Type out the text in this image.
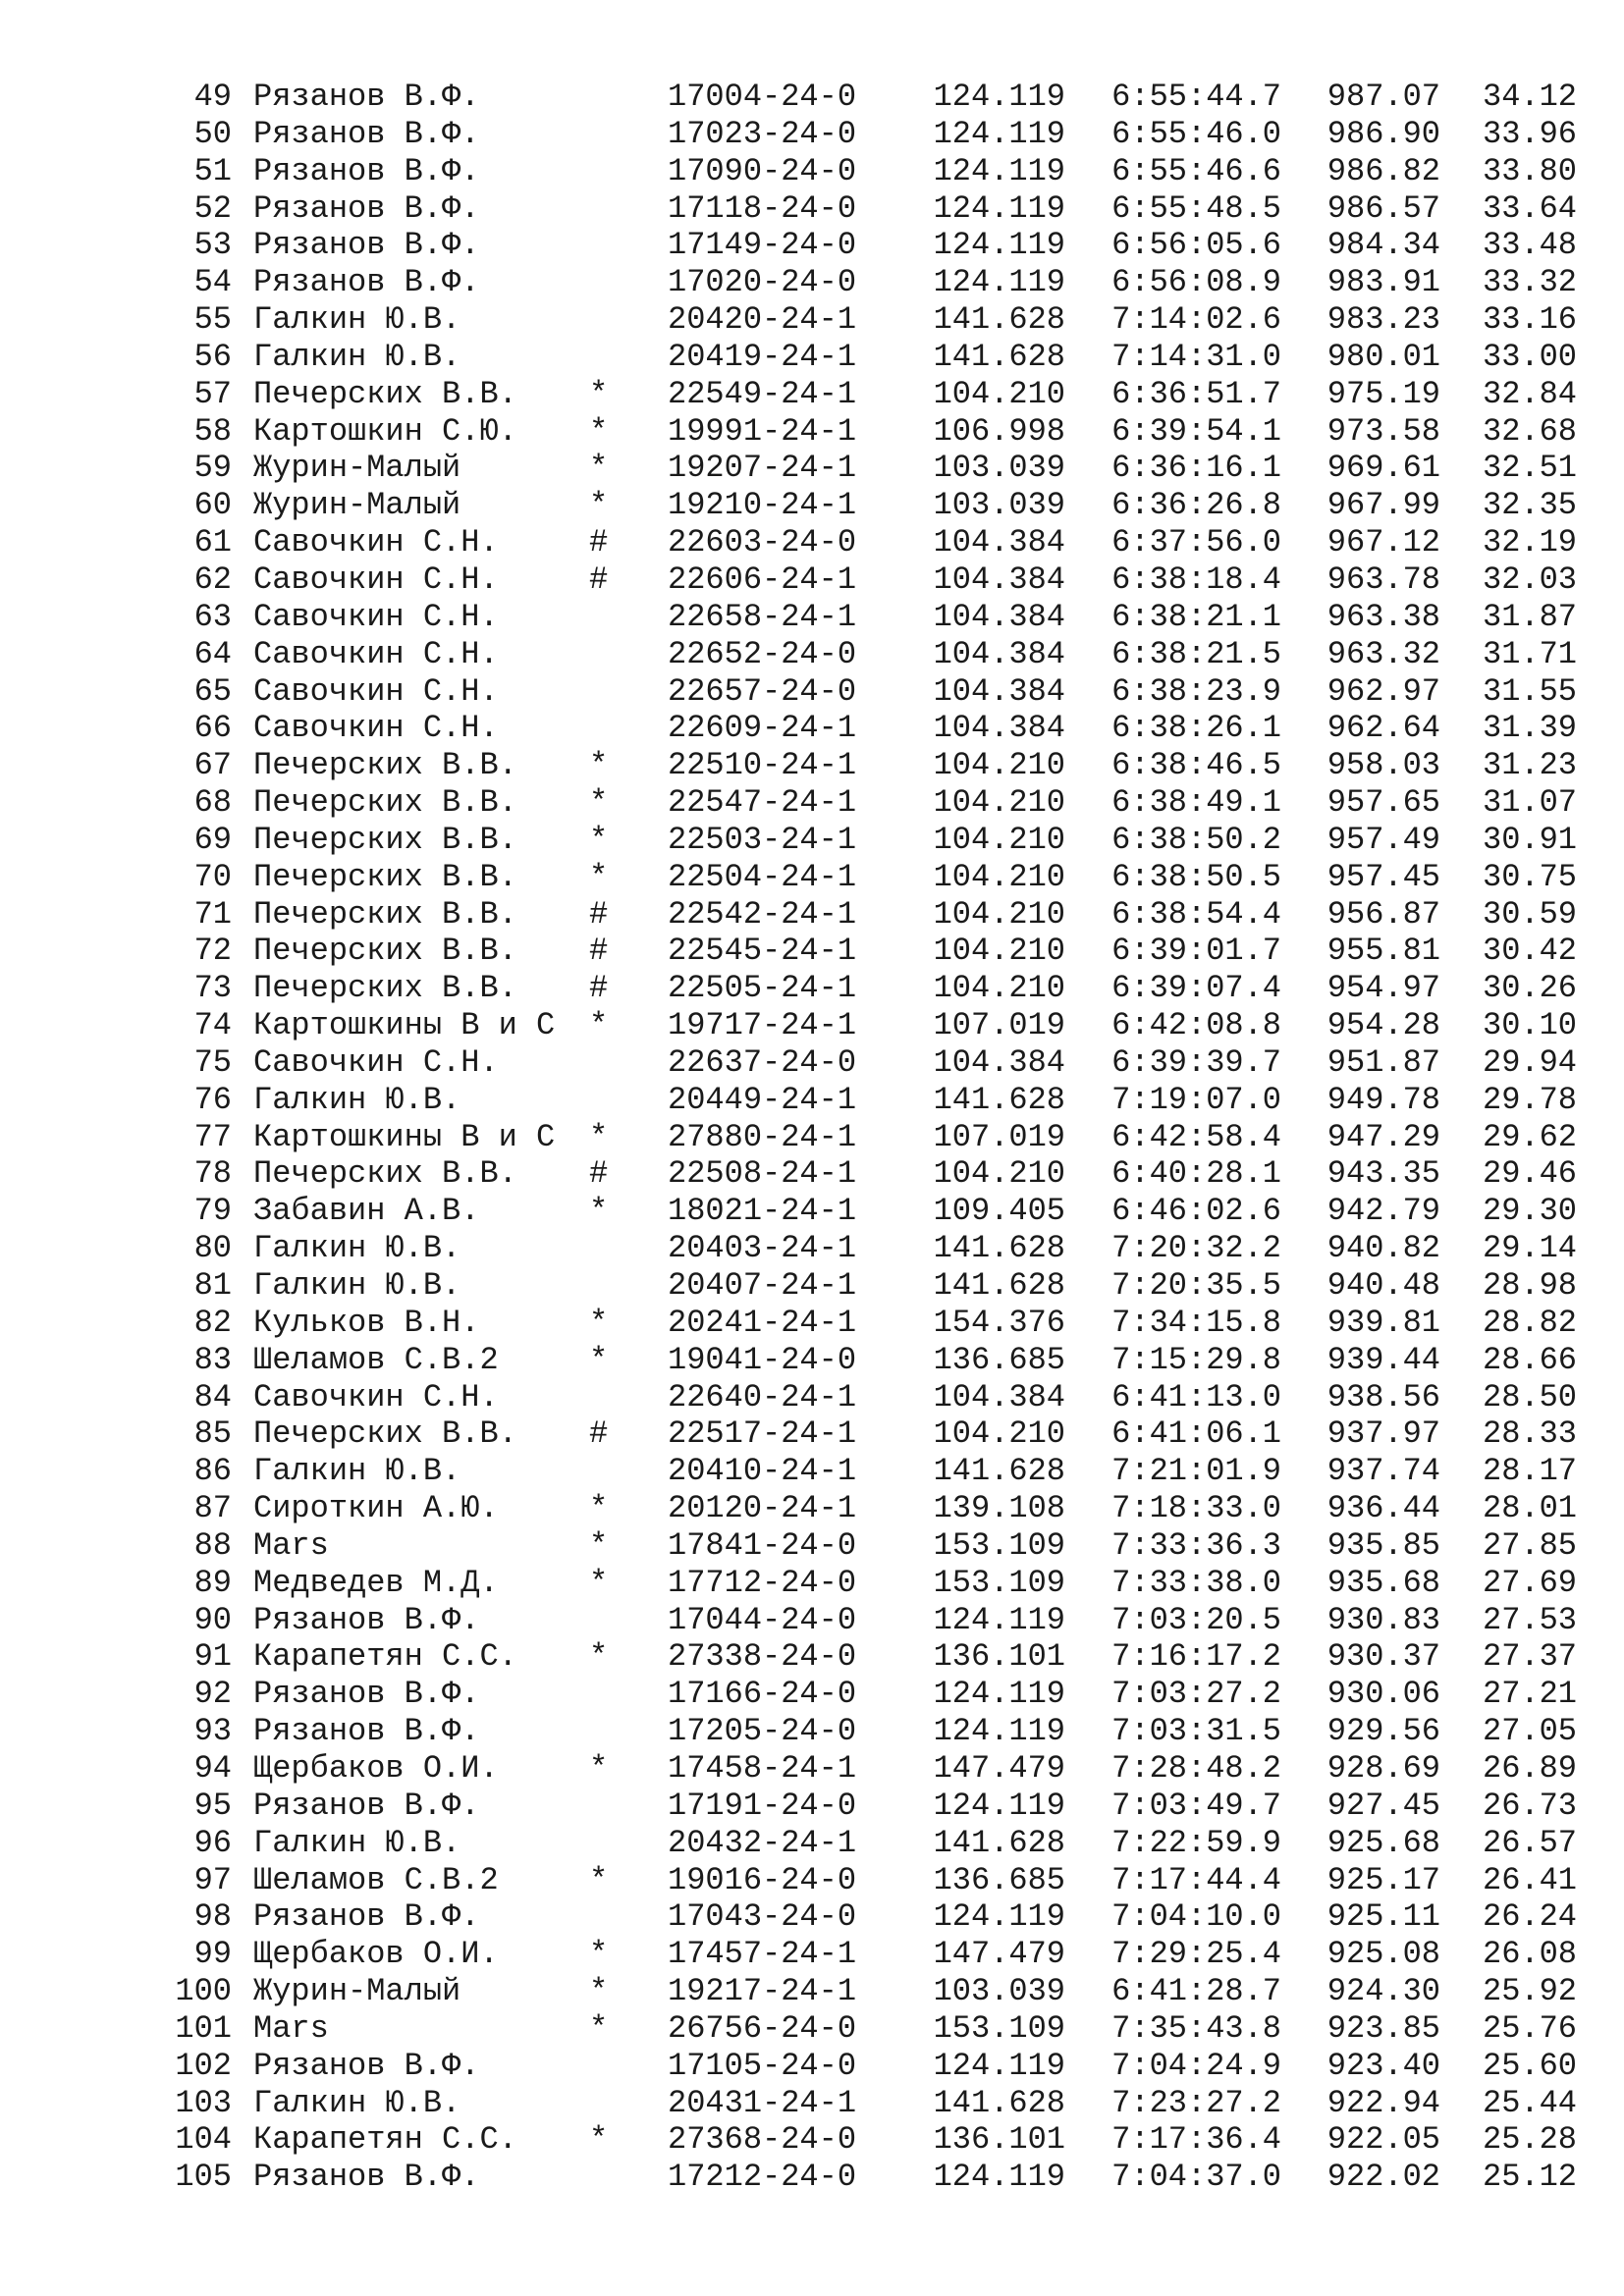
49 Рязанов В.Ф.	17004-24-0 124.119 6:55:44.7 987.07 34.12
50 Рязанов В.Ф.	17023-24-0 124.119 6:55:46.0 986.90 33.96
51 Рязанов В.Ф.	17090-24-0 124.119 6:55:46.6 986.82 33.80
52 Рязанов В.Ф.	17118-24-0 124.119 6:55:48.5 986.57 33.64
53 Рязанов В.Ф.	17149-24-0 124.119 6:56:05.6 984.34 33.48
54 Рязанов В.Ф.	17020-24-0 124.119 6:56:08.9 983.91 33.32
55 Галкин Ю.В.	20420-24-1 141.628 7:14:02.6 983.23 33.16
56 Галкин Ю.В.	20419-24-1 141.628 7:14:31.0 980.01 33.00
57 Печерских В.В. * 22549-24-1 104.210 6:36:51.7 975.19 32.84
58 Картошкин С.Ю. * 19991-24-1 106.998 6:39:54.1 973.58 32.68
59 Журин-Малый	* 19207-24-1 103.039 6:36:16.1 969.61 32.51
60 Журин-Малый	* 19210-24-1 103.039 6:36:26.8 967.99 32.35
61 Савочкин С.Н.	# 22603-24-0 104.384 6:37:56.0 967.12 32.19
62 Савочкин С.Н.	# 22606-24-1 104.384 6:38:18.4 963.78 32.03
63 Савочкин С.Н.	22658-24-1 104.384 6:38:21.1 963.38 31.87
64 Савочкин С.Н.	22652-24-0 104.384 6:38:21.5 963.32 31.71
65 Савочкин С.Н.	22657-24-0 104.384 6:38:23.9 962.97 31.55
66 Савочкин С.Н.	22609-24-1 104.384 6:38:26.1 962.64 31.39
67 Печерских В.В. * 22510-24-1 104.210 6:38:46.5 958.03 31.23
68 Печерских В.В. * 22547-24-1 104.210 6:38:49.1 957.65 31.07
69 Печерских В.В. * 22503-24-1 104.210 6:38:50.2 957.49 30.91
70 Печерских В.В. * 22504-24-1 104.210 6:38:50.5 957.45 30.75
71 Печерских В.В. # 22542-24-1 104.210 6:38:54.4 956.87 30.59
72 Печерских В.В. # 22545-24-1 104.210 6:39:01.7 955.81 30.42
73 Печерских В.В. # 22505-24-1 104.210 6:39:07.4 954.97 30.26
74 Картошкины В и С * 19717-24-1 107.019 6:42:08.8 954.28 30.10
75 Савочкин С.Н.	22637-24-0 104.384 6:39:39.7 951.87 29.94
76 Галкин Ю.В.	20449-24-1 141.628 7:19:07.0 949.78 29.78
77 Картошкины В и С * 27880-24-1 107.019 6:42:58.4 947.29 29.62
78 Печерских В.В. # 22508-24-1 104.210 6:40:28.1 943.35 29.46
79 Забавин А.В.	* 18021-24-1 109.405 6:46:02.6 942.79 29.30
80 Галкин Ю.В.	20403-24-1 141.628 7:20:32.2 940.82 29.14
81 Галкин Ю.В.	20407-24-1 141.628 7:20:35.5 940.48 28.98
82 Кульков В.Н.	* 20241-24-1 154.376 7:34:15.8 939.81 28.82
83 Шеламов С.В.2	* 19041-24-0 136.685 7:15:29.8 939.44 28.66
84 Савочкин С.Н.	22640-24-1 104.384 6:41:13.0 938.56 28.50
85 Печерских В.В. # 22517-24-1 104.210 6:41:06.1 937.97 28.33
86 Галкин Ю.В.	20410-24-1 141.628 7:21:01.9 937.74 28.17
87 Сироткин А.Ю.	* 20120-24-1 139.108 7:18:33.0 936.44 28.01
88 Mars	* 17841-24-0 153.109 7:33:36.3 935.85 27.85
89 Медведев М.Д.	* 17712-24-0 153.109 7:33:38.0 935.68 27.69
90 Рязанов В.Ф.	17044-24-0 124.119 7:03:20.5 930.83 27.53
91 Карапетян С.С. * 27338-24-0 136.101 7:16:17.2 930.37 27.37
92 Рязанов В.Ф.	17166-24-0 124.119 7:03:27.2 930.06 27.21
93 Рязанов В.Ф.	17205-24-0 124.119 7:03:31.5 929.56 27.05
94 Щербаков О.И.	* 17458-24-1 147.479 7:28:48.2 928.69 26.89
95 Рязанов В.Ф.	17191-24-0 124.119 7:03:49.7 927.45 26.73
96 Галкин Ю.В.	20432-24-1 141.628 7:22:59.9 925.68 26.57
97 Шеламов С.В.2	* 19016-24-0 136.685 7:17:44.4 925.17 26.41
98 Рязанов В.Ф.	17043-24-0 124.119 7:04:10.0 925.11 26.24
99 Щербаков О.И.	* 17457-24-1 147.479 7:29:25.4 925.08 26.08
100 Журин-Малый	* 19217-24-1 103.039 6:41:28.7 924.30 25.92
101 Mars	* 26756-24-0 153.109 7:35:43.8 923.85 25.76
102 Рязанов В.Ф.	17105-24-0 124.119 7:04:24.9 923.40 25.60
103 Галкин Ю.В.	20431-24-1 141.628 7:23:27.2 922.94 25.44
104 Карапетян С.С. * 27368-24-0 136.101 7:17:36.4 922.05 25.28
105 Рязанов В.Ф.	17212-24-0 124.119 7:04:37.0 922.02 25.12
